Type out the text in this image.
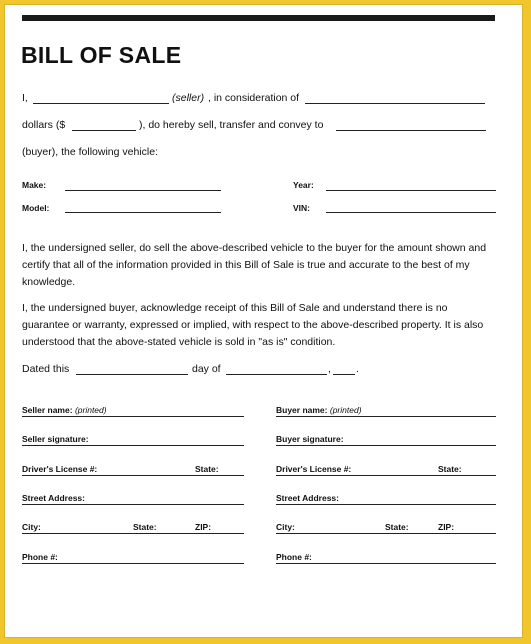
BILL OF SALE
I,	(seller) , in consideration of
dollars ($	), do hereby sell, transfer and convey to
(buyer), the following vehicle:
Make:	Year:
Model:	VIN:
I, the undersigned seller, do sell the above-described vehicle to the buyer for the amount shown and certify that all of the information provided in this Bill of Sale is true and accurate to the best of my knowledge.
I, the undersigned buyer, acknowledge receipt of this Bill of Sale and understand there is no guarantee or warranty, expressed or implied, with respect to the above-described property. It is also understood that the above-stated vehicle is sold in "as is" condition.
Dated this	day of	, .
Seller name: (printed)
Seller signature:
Driver's License #:	State:
Street Address:
City:	State:	ZIP:
Phone #:
Buyer name: (printed)
Buyer signature:
Driver's License #:	State:
Street Address:
City:	State:	ZIP:
Phone #:
